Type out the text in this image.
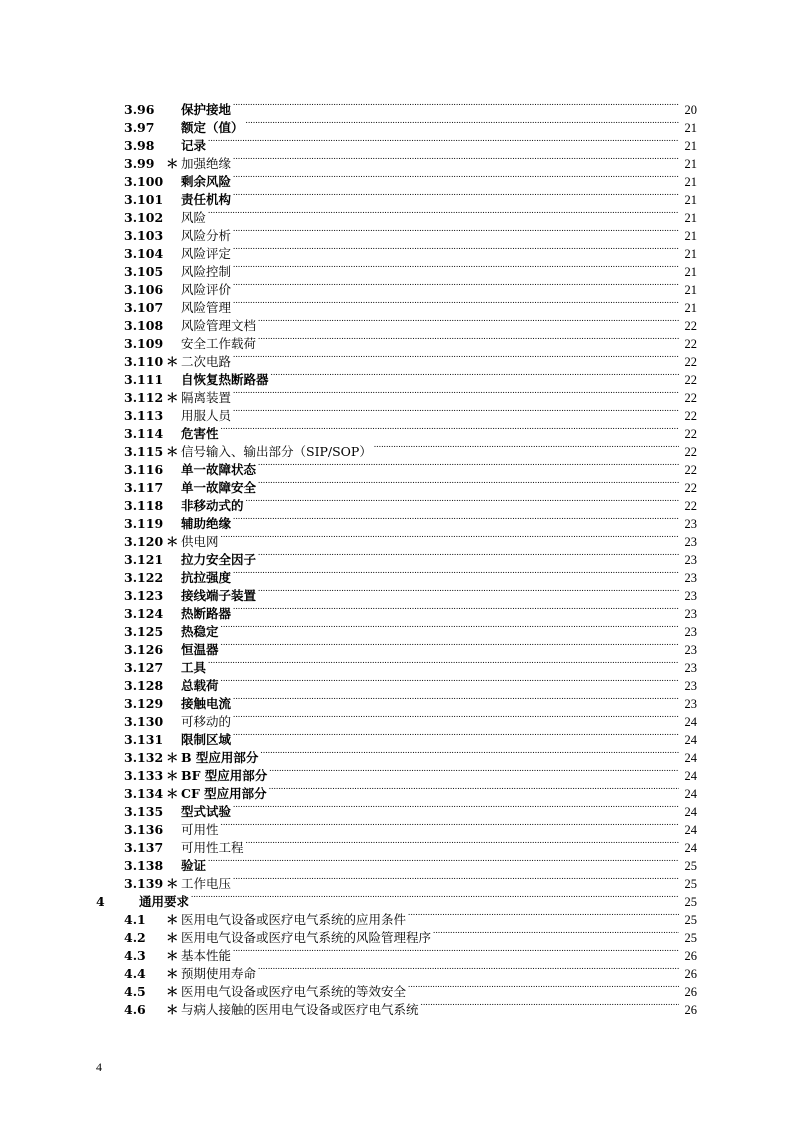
3.96	保护接地 .....	20
3.97	额定（值） .....	21
3.98	记录 .....	21
3.99 ＊ 加强绝缘 .....	21
3.100 剩余风险 .....	21
3.101 责任机构 .....	21
3.102 风险 .....	21
3.103 风险分析 .....	21
3.104 风险评定 .....	21
3.105 风险控制 .....	21
3.106 风险评价 .....	21
3.107 风险管理 .....	21
3.108 风险管理文档 .....	22
3.109 安全工作载荷 .....	22
3.110 ＊ 二次电路 .....	22
3.111 自恢复热断路器 .....	22
3.112 ＊ 隔离装置 .....	22
3.113 用服人员 .....	22
3.114 危害性 .....	22
3.115 ＊ 信号输入、输出部分（SIP/SOP） .....	22
3.116 单一故障状态 .....	22
3.117 单一故障安全 .....	22
3.118 非移动式的 .....	22
3.119 辅助绝缘 .....	23
3.120 ＊ 供电网 .....	23
3.121 拉力安全因子 .....	23
3.122 抗拉强度 .....	23
3.123 接线端子装置 .....	23
3.124 热断路器 .....	23
3.125 热稳定 .....	23
3.126 恒温器 .....	23
3.127 工具 .....	23
3.128 总载荷 .....	23
3.129 接触电流 .....	23
3.130 可移动的 .....	24
3.131 限制区域 .....	24
3.132 ＊ B 型应用部分 .....	24
3.133 ＊ BF 型应用部分 .....	24
3.134 ＊ CF 型应用部分 .....	24
3.135 型式试验 .....	24
3.136 可用性 .....	24
3.137 可用性工程 .....	24
3.138 验证 .....	25
3.139 ＊ 工作电压 .....	25
4	通用要求 .....	25
4.1	＊ 医用电气设备或医疗电气系统的应用条件 .....	25
4.2	＊ 医用电气设备或医疗电气系统的风险管理程序 .....	25
4.3	＊ 基本性能 .....	26
4.4	＊ 预期使用寿命 .....	26
4.5	＊ 医用电气设备或医疗电气系统的等效安全 .....	26
4.6	＊ 与病人接触的医用电气设备或医疗电气系统 .....	26
4
